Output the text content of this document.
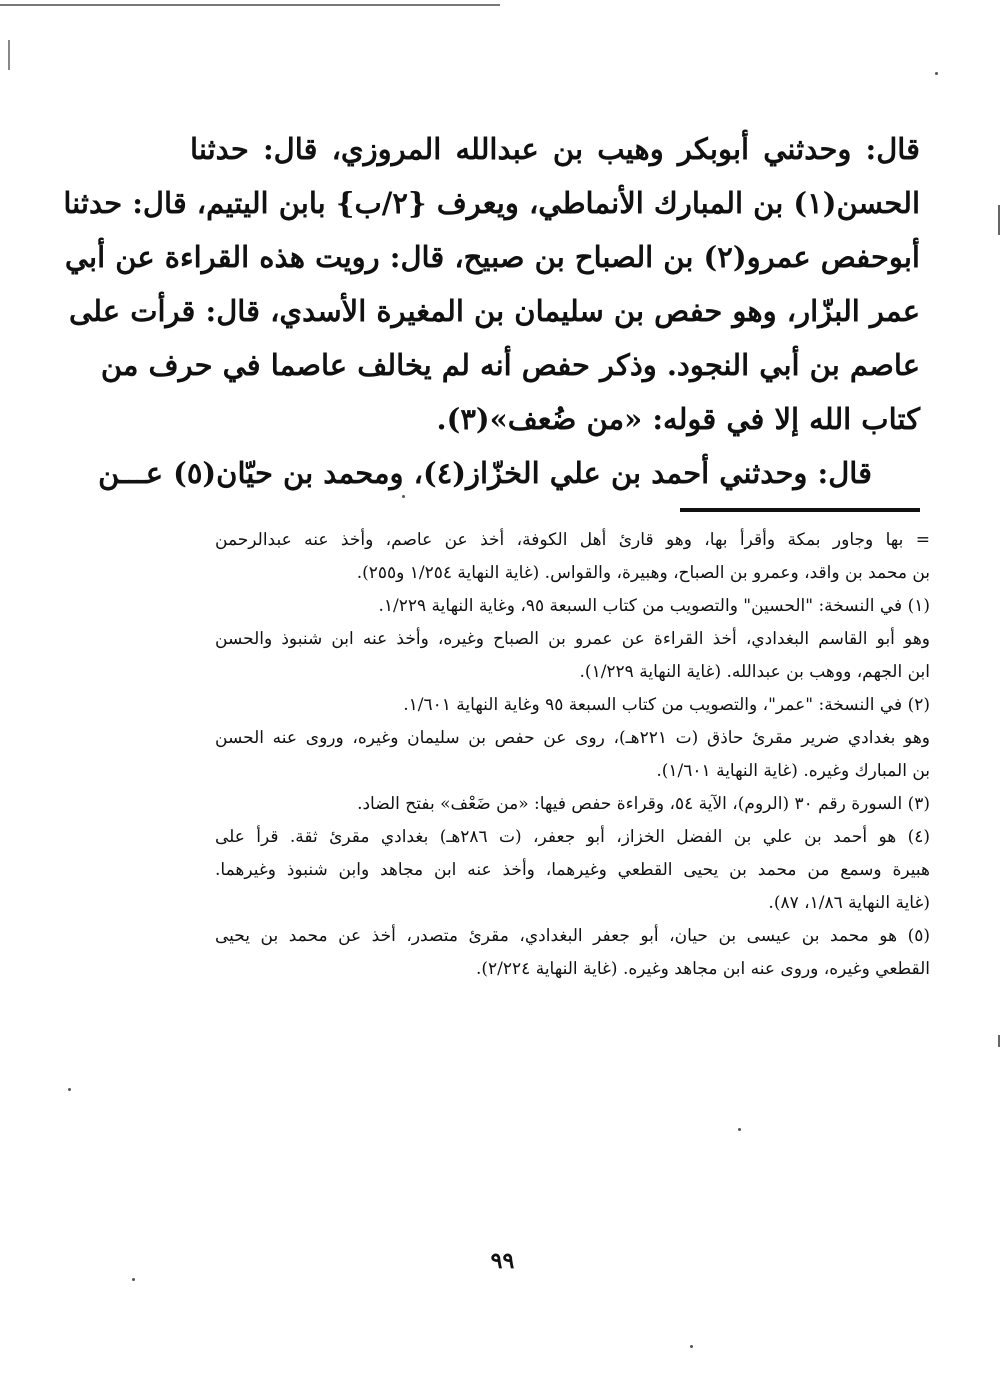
قال: وحدثني أبوبكر وهيب بن عبدالله المروزي، قال: حدثنا
الحسن(١) بن المبارك الأنماطي، ويعرف {٢/ب} بابن اليتيم، قال: حدثنا
أبوحفص عمرو(٢) بن الصباح بن صبيح، قال: رويت هذه القراءة عن أبي
عمر البزّار، وهو حفص بن سليمان بن المغيرة الأسدي، قال: قرأت على
عاصم بن أبي النجود. وذكر حفص أنه لم يخالف عاصما في حرف من
كتاب الله إلا في قوله: «من ضُعف»(٣).
قال: وحدثني أحمد بن علي الخزّاز(٤)، ومحمد بن حيّان(٥) عـــن
= بها وجاور بمكة وأقرأ بها، وهو قارئ أهل الكوفة، أخذ عن عاصم، وأخذ عنه عبدالرحمن
بن محمد بن واقد، وعمرو بن الصباح، وهبيرة، والقواس. (غاية النهاية ١/٢٥٤ و٢٥٥).
(١) في النسخة: "الحسين" والتصويب من كتاب السبعة ٩٥، وغاية النهاية ١/٢٢٩.
وهو أبو القاسم البغدادي، أخذ القراءة عن عمرو بن الصباح وغيره، وأخذ عنه ابن شنبوذ والحسن
ابن الجهم، ووهب بن عبدالله. (غاية النهاية ١/٢٢٩).
(٢) في النسخة: "عمر"، والتصويب من كتاب السبعة ٩٥ وغاية النهاية ١/٦٠١.
وهو بغدادي ضرير مقرئ حاذق (ت ٢٢١هـ)، روى عن حفص بن سليمان وغيره، وروى عنه الحسن
بن المبارك وغيره. (غاية النهاية ١/٦٠١).
(٣) السورة رقم ٣٠ (الروم)، الآية ٥٤، وقراءة حفص فيها: «من ضَعْف» بفتح الضاد.
(٤) هو أحمد بن علي بن الفضل الخزاز، أبو جعفر، (ت ٢٨٦هـ) بغدادي مقرئ ثقة. قرأ على
هبيرة وسمع من محمد بن يحيى القطعي وغيرهما، وأخذ عنه ابن مجاهد وابن شنبوذ وغيرهما.
(غاية النهاية ١/٨٦، ٨٧).
(٥) هو محمد بن عيسى بن حيان، أبو جعفر البغدادي، مقرئ متصدر، أخذ عن محمد بن يحيى
القطعي وغيره، وروى عنه ابن مجاهد وغيره. (غاية النهاية ٢/٢٢٤).
٩٩
